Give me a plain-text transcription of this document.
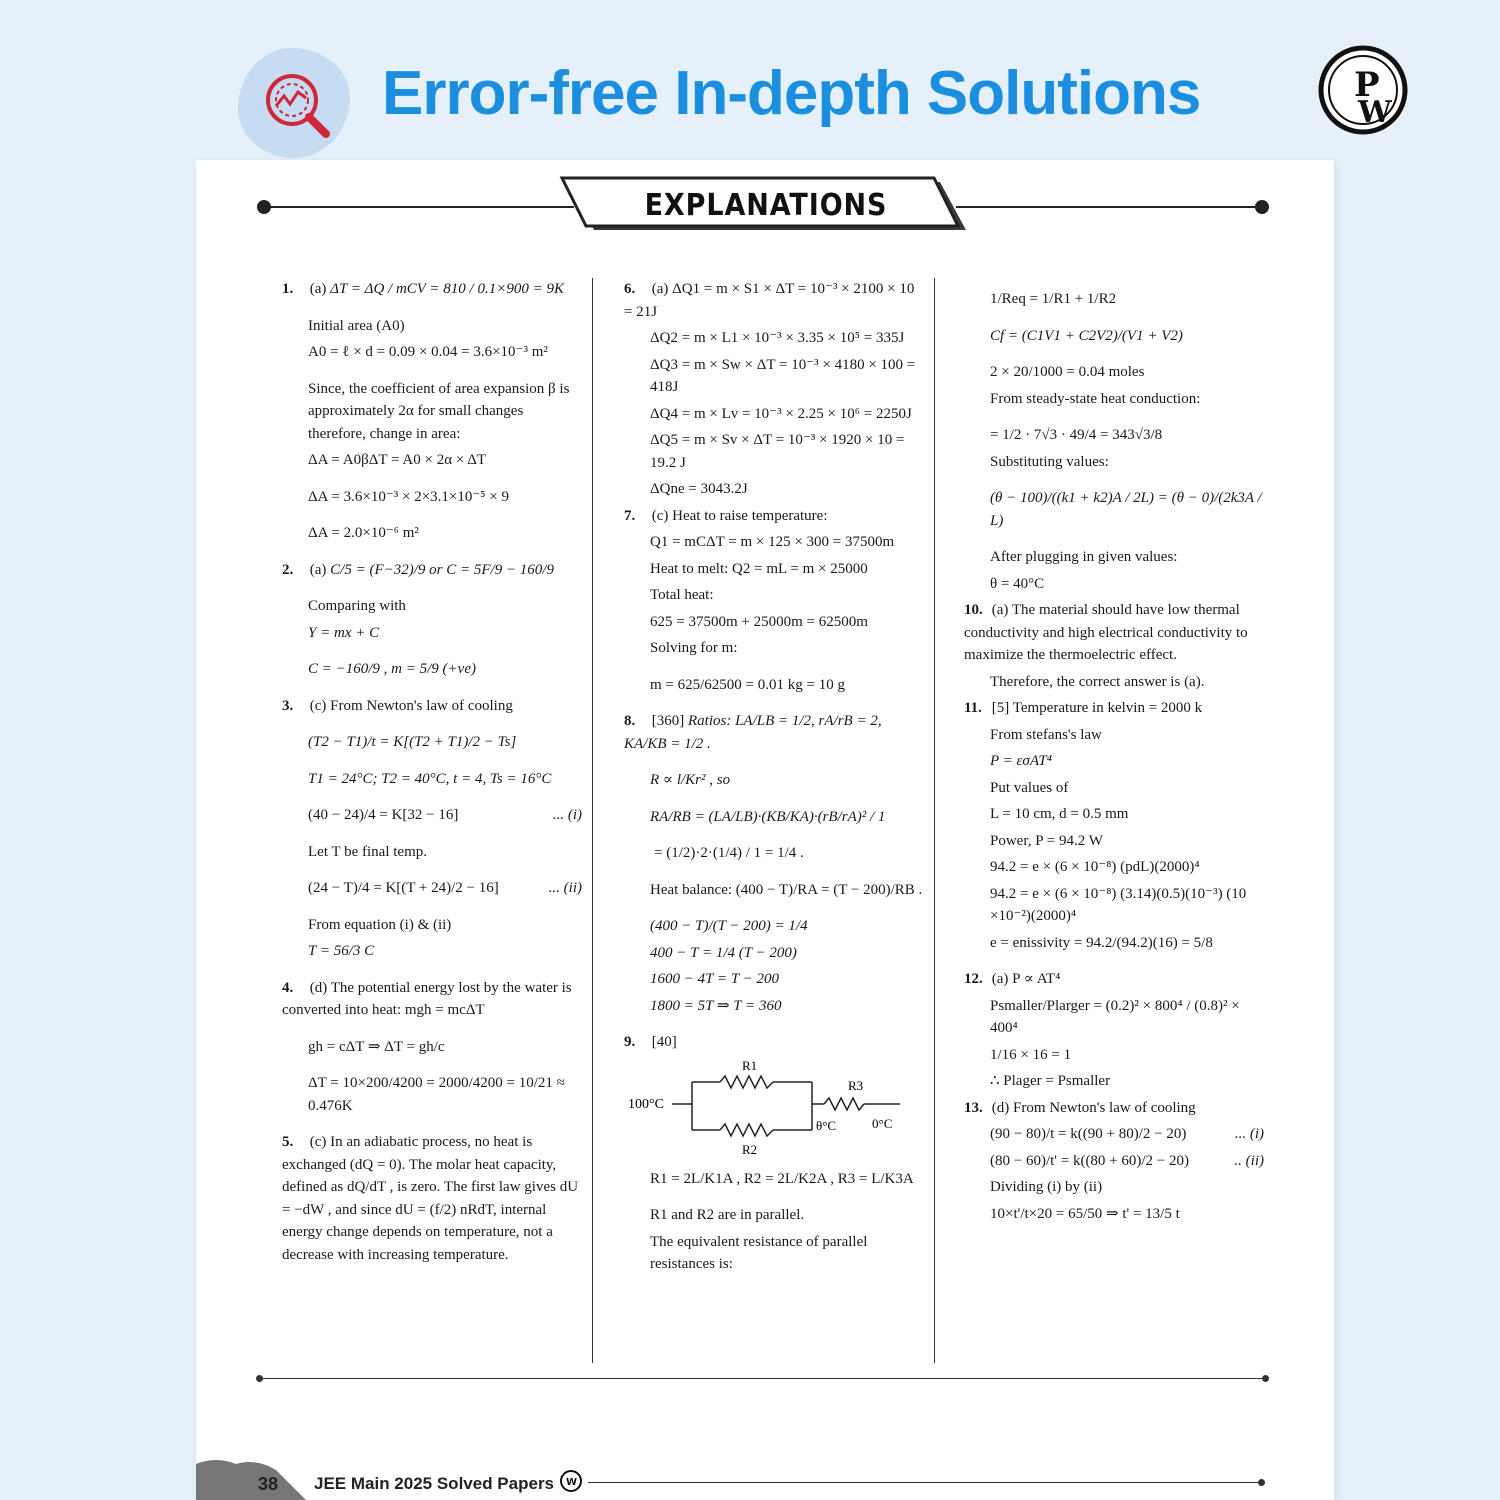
Error-free In-depth Solutions	P
W
EXPLANATIONS

1. (a) ΔT = ΔQ / mCV = 810 / 0.1×900 = 9K

Initial area (A0)

A0 = ℓ × d = 0.09 × 0.04 = 3.6×10⁻³ m²

Since, the coefficient of area expansion β is approximately 2α for small changes therefore, change in area:

ΔA = A0βΔT = A0 × 2α × ΔT

ΔA = 3.6×10⁻³ × 2×3.1×10⁻⁵ × 9

ΔA = 2.0×10⁻⁶ m²

2. (a) C/5 = (F−32)/9 or C = 5F/9 − 160/9

Comparing with

Y = mx + C

C = −160/9 , m = 5/9 (+ve)

3. (c) From Newton's law of cooling

(T2 − T1)/t = K[(T2 + T1)/2 − Ts]

T1 = 24°C; T2 = 40°C, t = 4, Ts = 16°C

(40 − 24)/4 = K[32 − 16]	... (i)

Let T be final temp.

(24 − T)/4 = K[(T + 24)/2 − 16]	... (ii)

From equation (i) & (ii)

T = 56/3 C

4. (d) The potential energy lost by the water is converted into heat: mgh = mcΔT

gh = cΔT ⇒ ΔT = gh/c

ΔT = 10×200/4200 = 2000/4200 = 10/21 ≈ 0.476K

5. (c) In an adiabatic process, no heat is exchanged (dQ = 0). The molar heat capacity, defined as dQ/dT , is zero. The first law gives dU = −dW , and since dU = (f/2) nRdT, internal energy change depends on temperature, not a decrease with increasing temperature.

6. (a) ΔQ1 = m × S1 × ΔT = 10⁻³ × 2100 × 10 = 21J

ΔQ2 = m × L1 × 10⁻³ × 3.35 × 10⁵ = 335J

ΔQ3 = m × Sw × ΔT = 10⁻³ × 4180 × 100 = 418J

ΔQ4 = m × Lv = 10⁻³ × 2.25 × 10⁶ = 2250J

ΔQ5 = m × Sv × ΔT = 10⁻³ × 1920 × 10 = 19.2 J

ΔQne = 3043.2J

7. (c) Heat to raise temperature:

Q1 = mCΔT = m × 125 × 300 = 37500m

Heat to melt: Q2 = mL = m × 25000

Total heat:

625 = 37500m + 25000m = 62500m

Solving for m:

m = 625/62500 = 0.01 kg = 10 g

8. [360] Ratios: LA/LB = 1/2, rA/rB = 2, KA/KB = 1/2 .

R ∝ l/Kr² , so

RA/RB = (LA/LB)·(KB/KA)·(rB/rA)² / 1

= (1/2)·2·(1/4) / 1 = 1/4 .

Heat balance: (400 − T)/RA = (T − 200)/RB .

(400 − T)/(T − 200) = 1/4

400 − T = 1/4 (T − 200)

1600 − 4T = T − 200

1800 = 5T ⇒ T = 360

9. [40]

100°C
R1
R2
R3
θ°C	0°C

R1 = 2L/K1A , R2 = 2L/K2A , R3 = L/K3A

R1 and R2 are in parallel.

The equivalent resistance of parallel resistances is:

1/Req = 1/R1 + 1/R2

Cf = (C1V1 + C2V2)/(V1 + V2)

2 × 20/1000 = 0.04 moles

From steady-state heat conduction:

= 1/2 · 7√3 · 49/4 = 343√3/8

Substituting values:

(θ − 100)/((k1 + k2)A / 2L) = (θ − 0)/(2k3A / L)

After plugging in given values:

θ = 40°C

10. (a) The material should have low thermal conductivity and high electrical conductivity to maximize the thermoelectric effect.

Therefore, the correct answer is (a).

11. [5] Temperature in kelvin = 2000 k

From stefans's law

P = εσAT⁴

Put values of

L = 10 cm, d = 0.5 mm

Power, P = 94.2 W

94.2 = e × (6 × 10⁻⁸) (pdL)(2000)⁴

94.2 = e × (6 × 10⁻⁸) (3.14)(0.5)(10⁻³) (10 ×10⁻²)(2000)⁴

e = enissivity = 94.2/(94.2)(16) = 5/8

12. (a) P ∝ AT⁴

Psmaller/Plarger = (0.2)² × 800⁴ / (0.8)² × 400⁴

1/16 × 16 = 1

∴ Plager = Psmaller

13. (d) From Newton's law of cooling

(90 − 80)/t = k((90 + 80)/2 − 20)	... (i)

(80 − 60)/t' = k((80 + 60)/2 − 20)	.. (ii)

Dividing (i) by (ii)

10×t'/t×20 = 65/50 ⇒ t' = 13/5 t

38 JEE Main 2025 Solved Papers W
